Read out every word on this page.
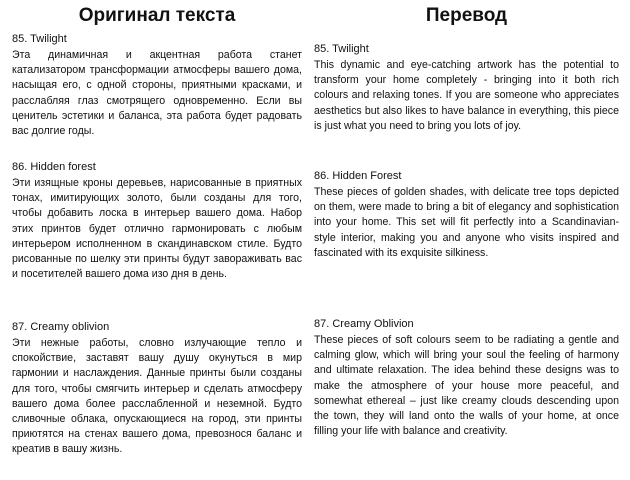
Оригинал текста
85. Twilight

Эта динамичная и акцентная работа станет катализатором трансформации атмосферы вашего дома, насыщая его, с одной стороны, приятными красками, и расслабляя глаз смотрящего одновременно. Если вы ценитель эстетики и баланса, эта работа будет радовать вас долгие годы.

86. Hidden forest

Эти изящные кроны деревьев, нарисованные в приятных тонах, имитирующих золото, были созданы для того, чтобы добавить лоска в интерьер вашего дома. Набор этих принтов будет отлично гармонировать с любым интерьером исполненном в скандинавском стиле. Будто рисованные по шелку эти принты будут завораживать вас и посетителей вашего дома изо дня в день.

87. Creamy oblivion

Эти нежные работы, словно излучающие тепло и спокойствие, заставят вашу душу окунуться в мир гармонии и наслаждения. Данные принты были созданы для того, чтобы смягчить интерьер и сделать атмосферу вашего дома более расслабленной и неземной. Будто сливочные облака, опускающиеся на город, эти принты приютятся на стенах вашего дома, превознося баланс и креатив в вашу жизнь.

Перевод
85. Twilight

This dynamic and eye-catching artwork has the potential to transform your home completely - bringing into it both rich colours and relaxing tones. If you are someone who appreciates aesthetics but also likes to have balance in everything, this piece is just what you need to bring you lots of joy.

86. Hidden Forest

These pieces of golden shades, with delicate tree tops depicted on them, were made to bring a bit of elegancy and sophistication into your home. This set will fit perfectly into a Scandinavian-style interior, making you and anyone who visits inspired and fascinated with its exquisite silkiness.

87. Creamy Oblivion

These pieces of soft colours seem to be radiating a gentle and calming glow, which will bring your soul the feeling of harmony and ultimate relaxation. The idea behind these designs was to make the atmosphere of your house more peaceful, and somewhat ethereal – just like creamy clouds descending upon the town, they will land onto the walls of your home, at once filling your life with balance and creativity.
